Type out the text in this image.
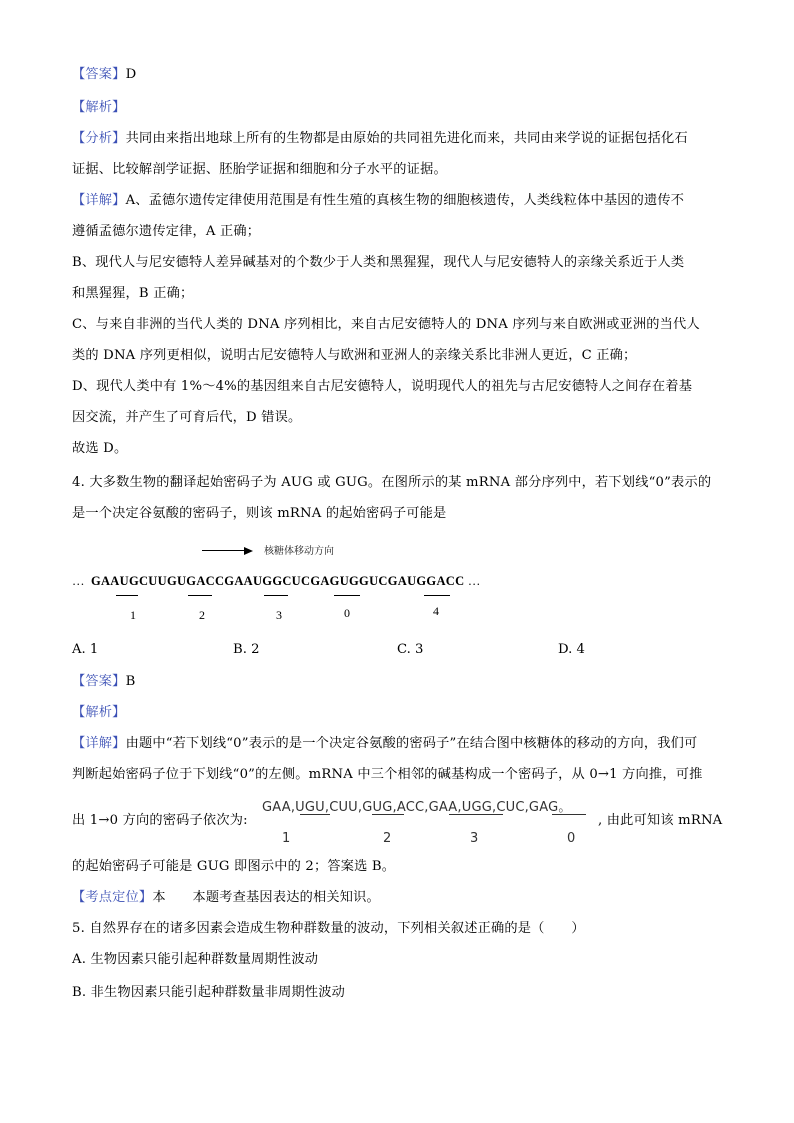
【答案】D
【解析】
【分析】共同由来指出地球上所有的生物都是由原始的共同祖先进化而来，共同由来学说的证据包括化石
证据、比较解剖学证据、胚胎学证据和细胞和分子水平的证据。
【详解】A、孟德尔遗传定律使用范围是有性生殖的真核生物的细胞核遗传，人类线粒体中基因的遗传不
遵循孟德尔遗传定律，A 正确；
B、现代人与尼安德特人差异碱基对的个数少于人类和黑猩猩，现代人与尼安德特人的亲缘关系近于人类
和黑猩猩，B 正确；
C、与来自非洲的当代人类的 DNA 序列相比，来自古尼安德特人的 DNA 序列与来自欧洲或亚洲的当代人
类的 DNA 序列更相似，说明古尼安德特人与欧洲和亚洲人的亲缘关系比非洲人更近，C 正确；
D、现代人类中有 1%～4%的基因组来自古尼安德特人，说明现代人的祖先与古尼安德特人之间存在着基
因交流，并产生了可育后代，D 错误。
故选 D。
4. 大多数生物的翻译起始密码子为 AUG 或 GUG。在图所示的某 mRNA 部分序列中，若下划线“0”表示的
是一个决定谷氨酸的密码子，则该 mRNA 的起始密码子可能是
核糖体移动方向
… GAAUGCUUGUGACCGAAUGGCUCGAGUGGUCGAUGGACC …
1	2	3	0	4
A. 1	B. 2	C. 3	D. 4
【答案】B
【解析】
【详解】由题中“若下划线“0”表示的是一个决定谷氨酸的密码子”在结合图中核糖体的移动的方向，我们可
判断起始密码子位于下划线“0”的左侧。mRNA 中三个相邻的碱基构成一个密码子，从 0→1 方向推，可推
出 1→0 方向的密码子依次为:
GAA,UGU,CUU,GUG,ACC,GAA,UGG,CUC,GAG。
1	2	3	0
, 由此可知该 mRNA
的起始密码子可能是 GUG 即图示中的 2；答案选 B。
【考点定位】本　　本题考查基因表达的相关知识。
5. 自然界存在的诸多因素会造成生物种群数量的波动，下列相关叙述正确的是（　　）
A. 生物因素只能引起种群数量周期性波动
B. 非生物因素只能引起种群数量非周期性波动
